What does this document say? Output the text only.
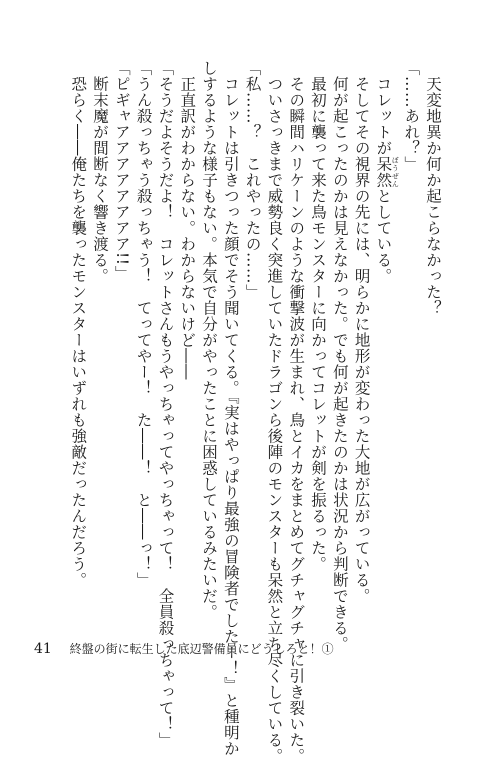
天変地異か何か起こらなかった？
「……あれ？」
コレットが呆然 ぼうぜんとしている。
そしてその視界の先には、明らかに地形が変わった大地が広がっている。
何が起こったのかは見えなかった。でも何が起きたのかは状況から判断できる。
最初に襲って来た鳥モンスターに向かってコレットが剣を振るった。
その瞬間ハリケーンのような衝撃波が生まれ、鳥とイカをまとめてグチャグチャに引き裂いた。
ついさっきまで威勢良く突進していたドラゴンら後陣のモンスターも呆然と立ち尽くしている。
「私……？　これやったの……」
コレットは引きつった顔でそう聞いてくる。『実はやっぱり最強の冒険者でしたー！』と種明か
しするような様子もない。本気で自分がやったことに困惑しているみたいだ。
正直訳がわからない。わからないけど――
「そうだよそうだよ！　コレットさんもうやっちゃってやっちゃって！　全員殺っちゃって！」
「うん殺っちゃう殺っちゃう！　てってやー！　た――！　と――っ！」
「ピギャアアアアアアアア!!」
断末魔が間断なく響き渡る。
恐らく――俺たちを襲ったモンスターはいずれも強敵だったんだろう。
41 終盤の街に転生した底辺警備員にどうしろと！①
